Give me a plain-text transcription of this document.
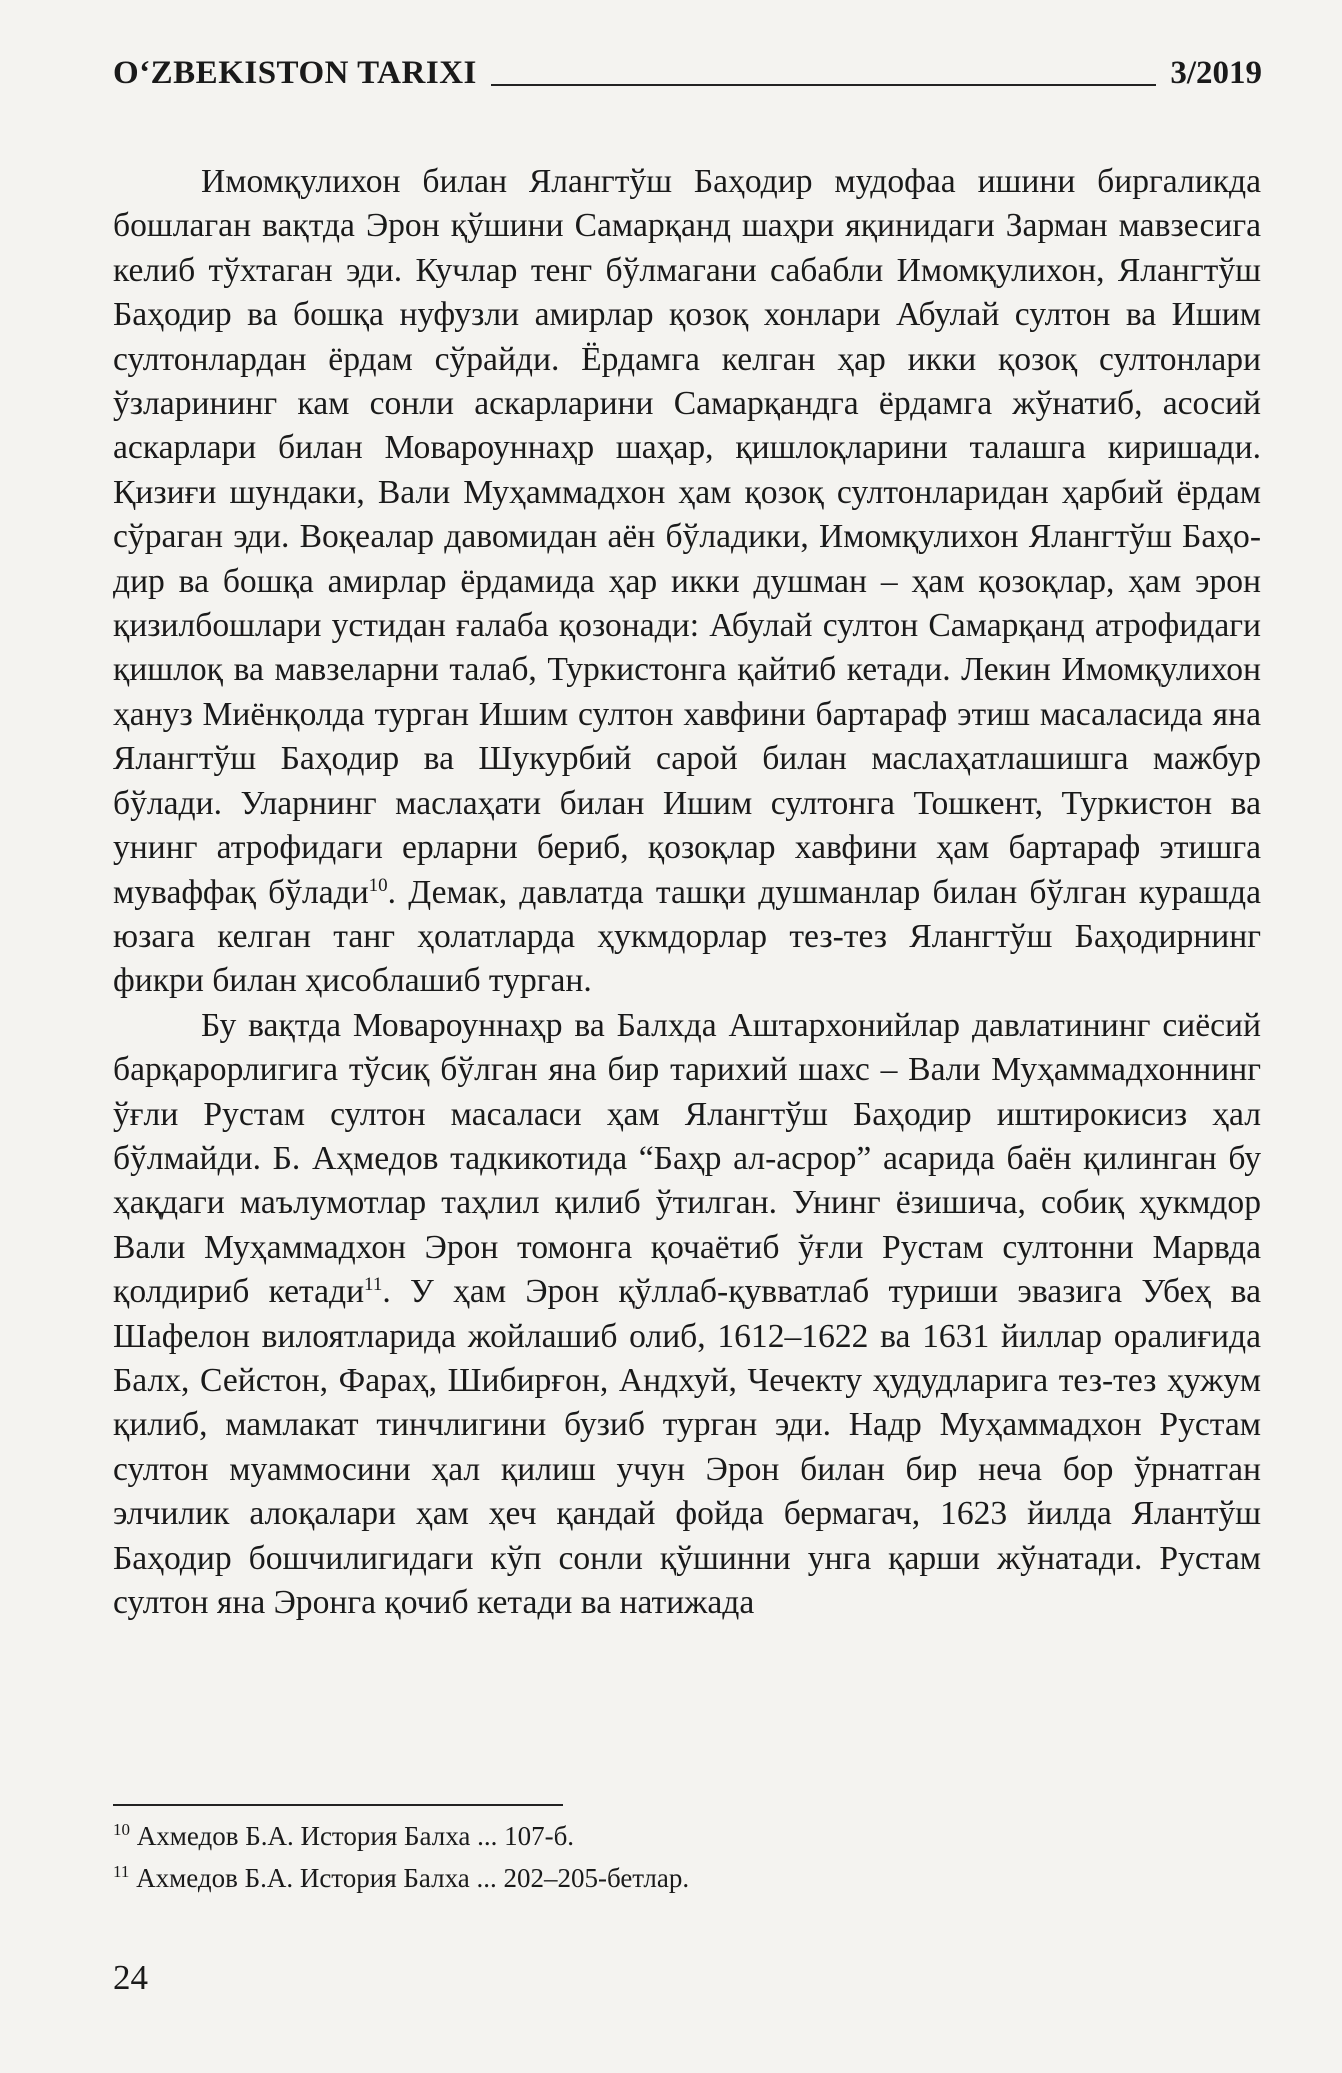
O‘ZBEKISTON TARIXI	3/2019

Имомқулихон билан Ялангтўш Баҳодир мудофаа ишини биргаликда бошлаган вақтда Эрон қўшини Самарқанд шаҳри яқинидаги Зарман мавзесига келиб тўхтаган эди. Кучлар тенг бўлмагани сабабли Имомқулихон, Ялангтўш Баҳодир ва бошқа нуфузли амирлар қозоқ хонлари Абулай султон ва Ишим султонлардан ёрдам сўрайди. Ёрдамга келган ҳар икки қозоқ султонлари ўзларининг кам сонли аскарларини Самарқандга ёрдамга жўнатиб, асосий аскарлари билан Мовароуннаҳр шаҳар, қишлоқларини талашга киришади. Қизиғи шундаки, Вали Муҳаммадхон ҳам қозоқ султонларидан ҳарбий ёрдам сўраган эди. Воқеалар давомидан аён бўладики, Имомқулихон Ялангтўш Баҳодир ва бошқа амирлар ёрдамида ҳар икки душман – ҳам қозоқлар, ҳам эрон қизилбошлари устидан ғалаба қозонади: Абулай султон Самарқанд атрофидаги қишлоқ ва мавзеларни талаб, Туркистонга қайтиб кетади. Лекин Имомқулихон ҳануз Миёнқолда турган Ишим султон хавфини бартараф этиш масаласида яна Ялангтўш Баҳодир ва Шукурбий сарой билан маслаҳатлашишга мажбур бўлади. Уларнинг маслаҳати билан Ишим султонга Тошкент, Туркистон ва унинг атрофидаги ерларни бериб, қозоқлар хавфини ҳам бартараф этишга муваффақ бўлади$^{10}$. Демак, давлатда ташқи душманлар билан бўлган курашда юзага келган танг ҳолатларда ҳукмдорлар тез-тез Ялангтўш Баҳодирнинг фикри билан ҳисоблашиб турган.

Бу вақтда Мовароуннаҳр ва Балхда Аштархонийлар давлатининг сиёсий барқарорлигига тўсиқ бўлган яна бир тарихий шахс – Вали Муҳаммадхоннинг ўғли Рустам султон масаласи ҳам Ялангтўш Баҳодир иштирокисиз ҳал бўлмайди. Б. Аҳмедов тадкикотида “Баҳр ал-асрор” асарида баён қилинган бу ҳақдаги маълумотлар таҳлил қилиб ўтилган. Унинг ёзишича, собиқ ҳукмдор Вали Муҳаммадхон Эрон томонга қочаётиб ўғли Рустам султонни Марвда қолдириб кетади$^{11}$. У ҳам Эрон қўллаб-қувватлаб туриши эвазига Убеҳ ва Шафелон вилоятларида жойлашиб олиб, 1612–1622 ва 1631 йиллар оралиғида Балх, Сейстон, Фараҳ, Шибирғон, Андхуй, Чечекту ҳудудларига тез-тез ҳужум қилиб, мамлакат тинчлигини бузиб турган эди. Надр Муҳаммадхон Рустам султон муаммосини ҳал қилиш учун Эрон билан бир неча бор ўрнатган элчилик алоқалари ҳам ҳеч қандай фойда бермагач, 1623 йилда Ялантўш Баҳодир бошчилигидаги кўп сонли қўшинни унга қарши жўнатади. Рустам султон яна Эронга қочиб кетади ва натижада

$^{10}$ Ахмедов Б.А. История Балха ... 107-б.
$^{11}$ Ахмедов Б.А. История Балха ... 202–205-бетлар.
24
